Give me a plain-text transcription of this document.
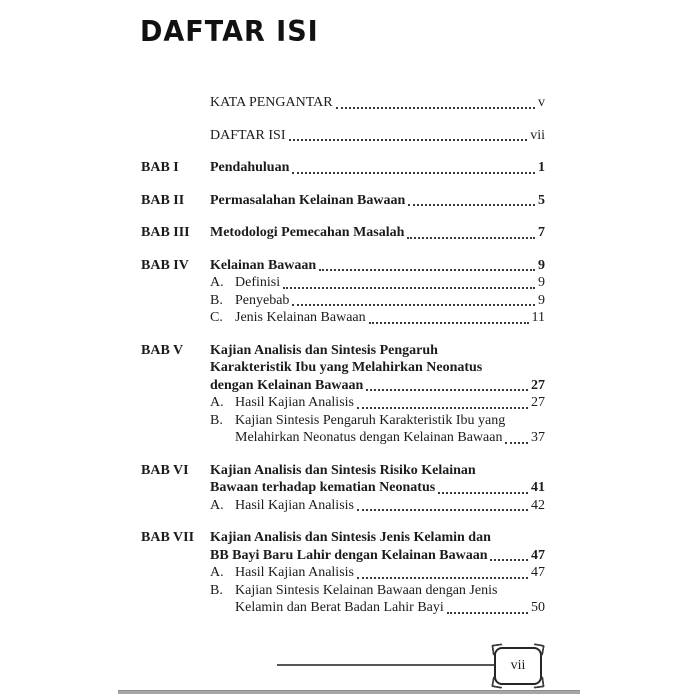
DAFTAR ISI
KATA PENGANTAR	v
DAFTAR ISI	vii
BAB I	Pendahuluan	1
BAB II	Permasalahan Kelainan Bawaan	5
BAB III	Metodologi Pemecahan Masalah	7
BAB IV	Kelainan Bawaan	9
A. Definisi	9
B. Penyebab	9
C. Jenis Kelainan Bawaan	11
BAB V	Kajian Analisis dan Sintesis Pengaruh
Karakteristik Ibu yang Melahirkan Neonatus
dengan Kelainan Bawaan	27
A. Hasil Kajian Analisis	27
B. Kajian Sintesis Pengaruh Karakteristik Ibu yang
Melahirkan Neonatus dengan Kelainan Bawaan 37
BAB VI	Kajian Analisis dan Sintesis Risiko Kelainan
Bawaan terhadap kematian Neonatus	41
A. Hasil Kajian Analisis	42
BAB VII	Kajian Analisis dan Sintesis Jenis Kelamin dan
BB Bayi Baru Lahir dengan Kelainan Bawaan	47
A. Hasil Kajian Analisis	47
B. Kajian Sintesis Kelainan Bawaan dengan Jenis
Kelamin dan Berat Badan Lahir Bayi	50
vii
